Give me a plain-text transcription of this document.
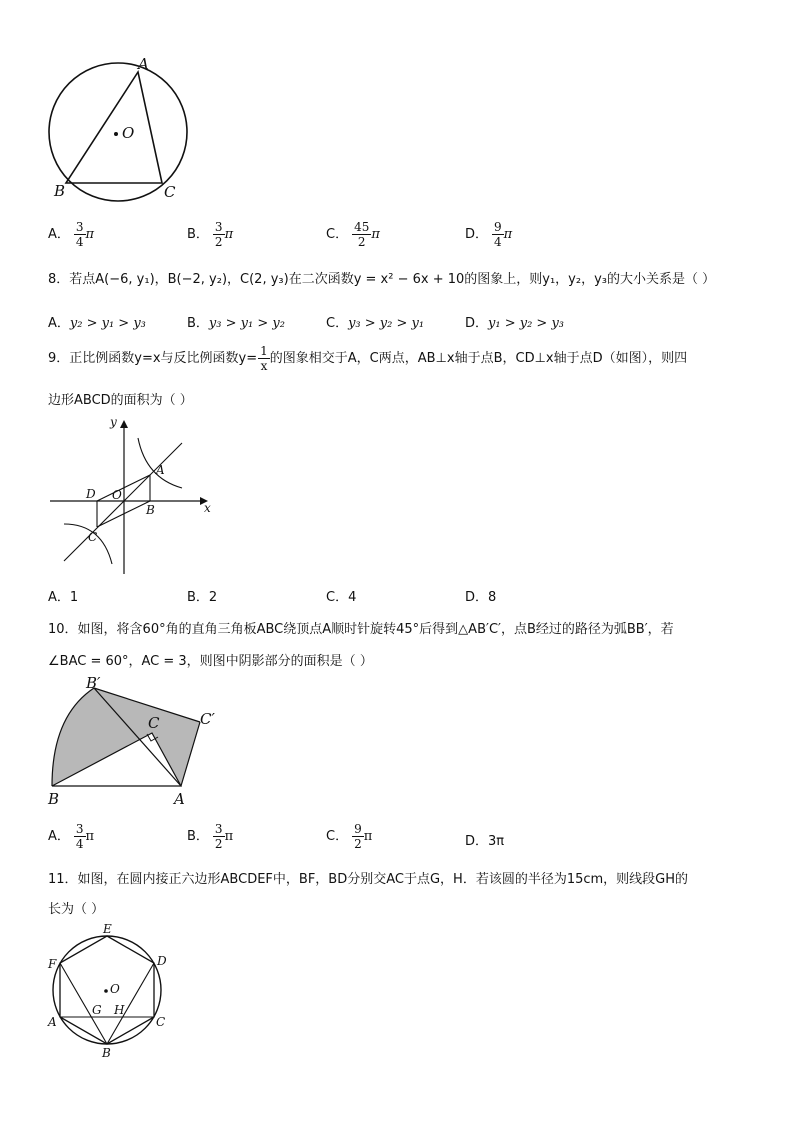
A
B	C
O
A． $\frac{3}{4}$ π	B． $\frac{3}{2}$ π	C． $\frac{45}{2}$ π	D． $\frac{9}{4}$ π
8．若点A(−6, y₁)，B(−2, y₂)，C(2, y₃)在二次函数y = x² − 6x + 10的图象上，则y₁，y₂，y₃的大小关系是（ ）
A．y₂ > y₁ > y₃	B．y₃ > y₁ > y₂	C．y₃ > y₂ > y₁	D．y₁ > y₂ > y₃
9．正比例函数y=x与反比例函数$y= \frac{1}{x}$ 的图象相交于A，C两点，AB⊥x轴于点B，CD⊥x轴于点D（如图），则四
边形ABCD的面积为（ ）
y
x
A
B
C
D O
A．1	B．2	C．4	D．8
10．如图，将含60°角的直角三角板ABC绕顶点A顺时针旋转45°后得到△AB′C′，点B经过的路径为弧BB′，若
∠BAC = 60°，AC = 3，则图中阴影部分的面积是（ ）
B′
C	C′
B	A
A． $\frac{3}{4}$ π	B． $\frac{3}{2}$ π	C． $\frac{9}{2}$ π	D．3π
11．如图，在圆内接正六边形ABCDEF中，BF，BD分别交AC于点G，H．若该圆的半径为15cm，则线段GH的
长为（ ）
E
F	D
O
A
G H
C
B
